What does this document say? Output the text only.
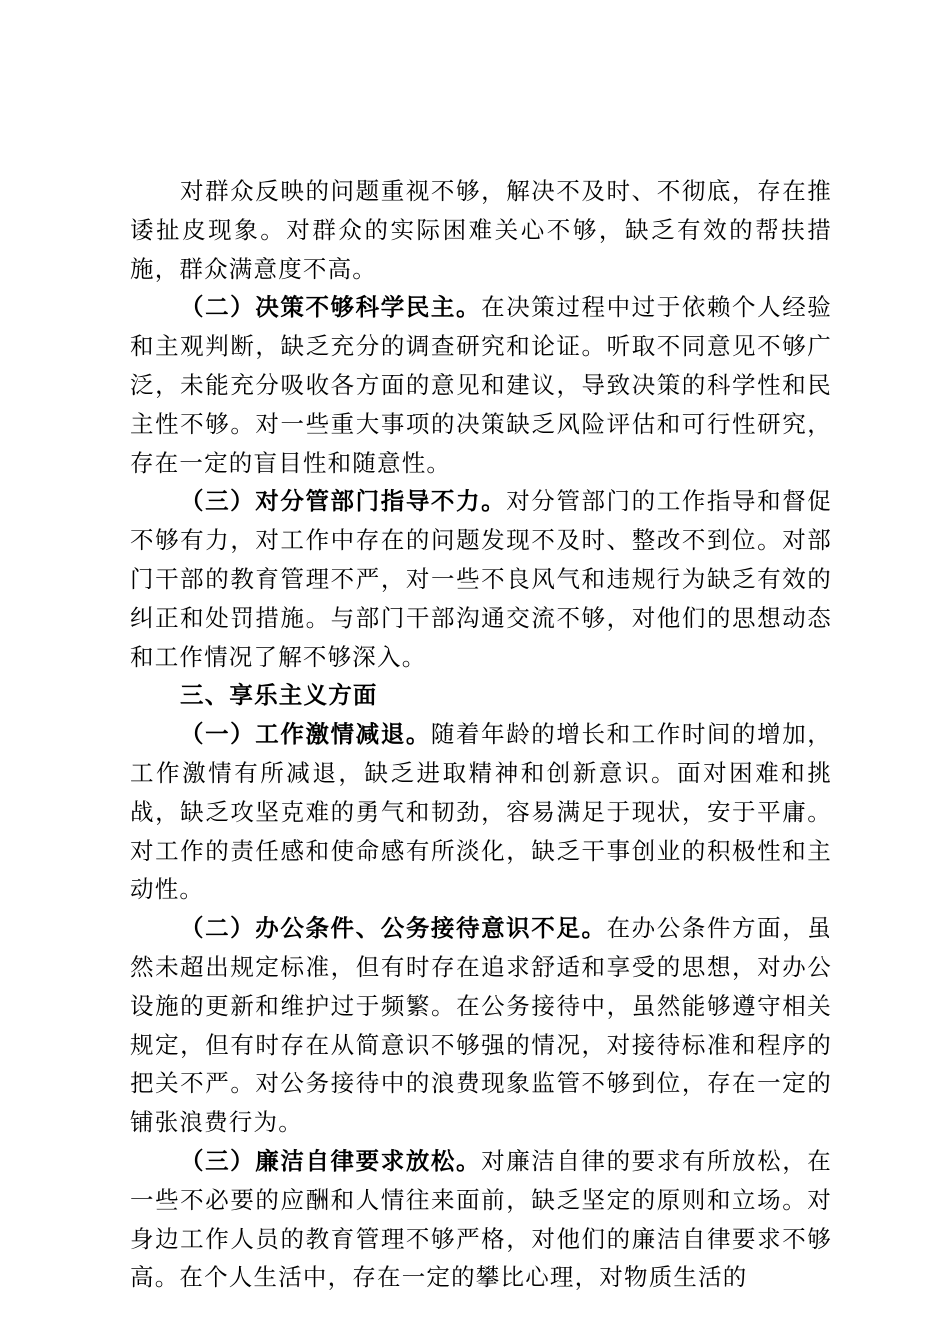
对群众反映的问题重视不够，解决不及时、不彻底，存在推诿扯皮现象。对群众的实际困难关心不够，缺乏有效的帮扶措施，群众满意度不高。

（二）决策不够科学民主。在决策过程中过于依赖个人经验和主观判断，缺乏充分的调查研究和论证。听取不同意见不够广泛，未能充分吸收各方面的意见和建议，导致决策的科学性和民主性不够。对一些重大事项的决策缺乏风险评估和可行性研究，存在一定的盲目性和随意性。

（三）对分管部门指导不力。对分管部门的工作指导和督促不够有力，对工作中存在的问题发现不及时、整改不到位。对部门干部的教育管理不严，对一些不良风气和违规行为缺乏有效的纠正和处罚措施。与部门干部沟通交流不够，对他们的思想动态和工作情况了解不够深入。

三、享乐主义方面

（一）工作激情减退。随着年龄的增长和工作时间的增加，工作激情有所减退，缺乏进取精神和创新意识。面对困难和挑战，缺乏攻坚克难的勇气和韧劲，容易满足于现状，安于平庸。对工作的责任感和使命感有所淡化，缺乏干事创业的积极性和主动性。

（二）办公条件、公务接待意识不足。在办公条件方面，虽然未超出规定标准，但有时存在追求舒适和享受的思想，对办公设施的更新和维护过于频繁。在公务接待中，虽然能够遵守相关规定，但有时存在从简意识不够强的情况，对接待标准和程序的把关不严。对公务接待中的浪费现象监管不够到位，存在一定的铺张浪费行为。

（三）廉洁自律要求放松。对廉洁自律的要求有所放松，在一些不必要的应酬和人情往来面前，缺乏坚定的原则和立场。对身边工作人员的教育管理不够严格，对他们的廉洁自律要求不够高。在个人生活中，存在一定的攀比心理，对物质生活的
